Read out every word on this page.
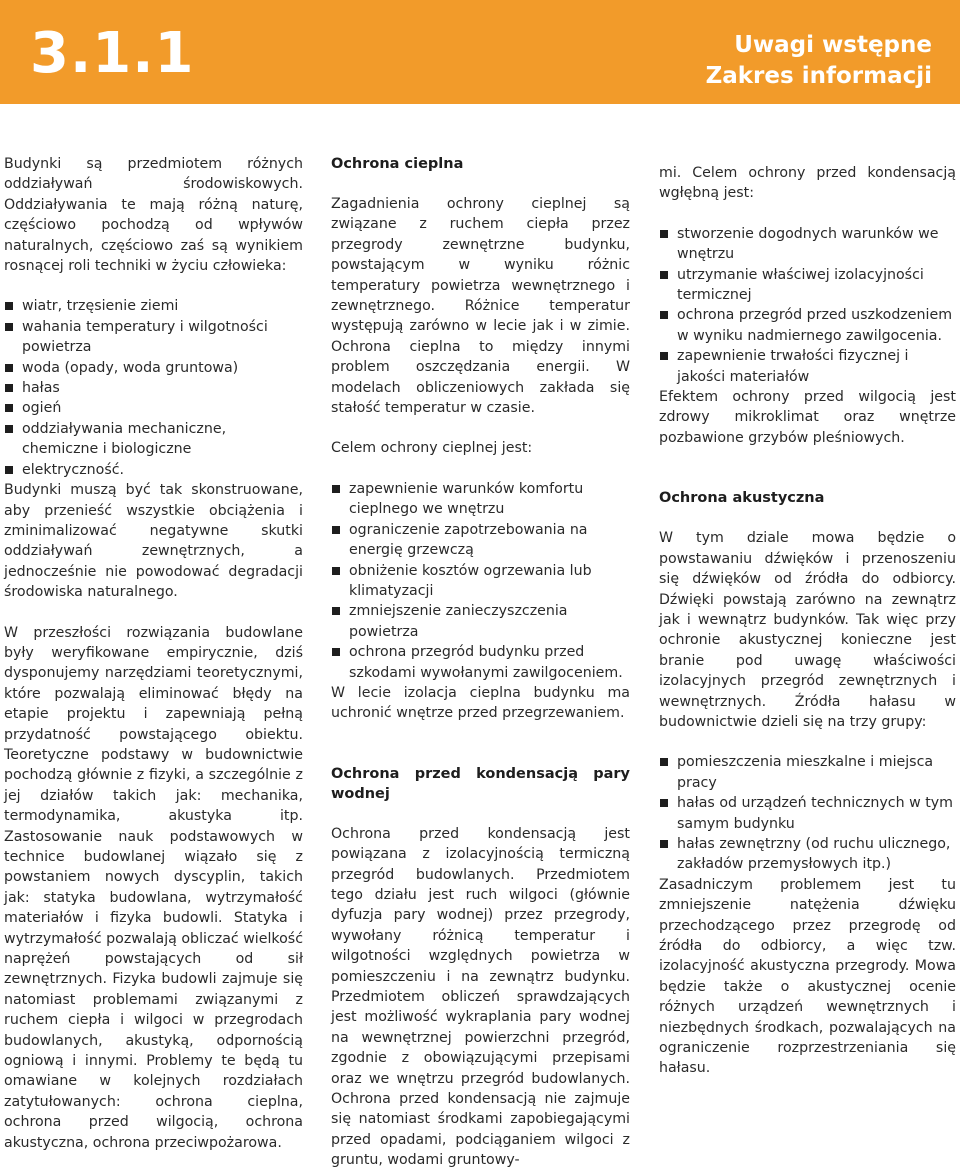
3.1.1	Uwagi wstępne
Zakres informacji

Budynki są przedmiotem różnych oddziaływań środowiskowych. Oddziaływania te mają różną naturę, częściowo pochodzą od wpływów naturalnych, częściowo zaś są wynikiem rosnącej roli techniki w życiu człowieka:

wiatr, trzęsienie ziemi
wahania temperatury i wilgotności powietrza
woda (opady, woda gruntowa)
hałas
ogień
oddziaływania mechaniczne, chemiczne i biologiczne
elektryczność.

Budynki muszą być tak skonstruowane, aby przenieść wszystkie obciążenia i zminimalizować negatywne skutki oddziaływań zewnętrznych, a jednocześnie nie powodować degradacji środowiska naturalnego.

W przeszłości rozwiązania budowlane były weryfikowane empirycznie, dziś dysponujemy narzędziami teoretycznymi, które pozwalają eliminować błędy na etapie projektu i zapewniają pełną przydatność powstającego obiektu. Teoretyczne podstawy w budownictwie pochodzą głównie z fizyki, a szczególnie z jej działów takich jak: mechanika, termodynamika, akustyka itp. Zastosowanie nauk podstawowych w technice budowlanej wiązało się z powstaniem nowych dyscyplin, takich jak: statyka budowlana, wytrzymałość materiałów i fizyka budowli. Statyka i wytrzymałość pozwalają obliczać wielkość naprężeń powstających od sił zewnętrznych. Fizyka budowli zajmuje się natomiast problemami związanymi z ruchem ciepła i wilgoci w przegrodach budowlanych, akustyką, odpornością ogniową i innymi. Problemy te będą tu omawiane w kolejnych rozdziałach zatytułowanych: ochrona cieplna, ochrona przed wilgocią, ochrona akustyczna, ochrona przeciwpożarowa.

Ochrona cieplna

Zagadnienia ochrony cieplnej są związane z ruchem ciepła przez przegrody zewnętrzne budynku, powstającym w wyniku różnic temperatury powietrza wewnętrznego i zewnętrznego. Różnice temperatur występują zarówno w lecie jak i w zimie. Ochrona cieplna to między innymi problem oszczędzania energii. W modelach obliczeniowych zakłada się stałość temperatur w czasie.

Celem ochrony cieplnej jest:

zapewnienie warunków komfortu cieplnego we wnętrzu
ograniczenie zapotrzebowania na energię grzewczą
obniżenie kosztów ogrzewania lub klimatyzacji
zmniejszenie zanieczyszczenia powietrza
ochrona przegród budynku przed szkodami wywołanymi zawilgoceniem.

W lecie izolacja cieplna budynku ma uchronić wnętrze przed przegrzewaniem.

Ochrona przed kondensacją pary wodnej

Ochrona przed kondensacją jest powiązana z izolacyjnością termiczną przegród budowlanych. Przedmiotem tego działu jest ruch wilgoci (głównie dyfuzja pary wodnej) przez przegrody, wywołany różnicą temperatur i wilgotności względnych powietrza w pomieszczeniu i na zewnątrz budynku. Przedmiotem obliczeń sprawdzających jest możliwość wykraplania pary wodnej na wewnętrznej powierzchni przegród, zgodnie z obowiązującymi przepisami oraz we wnętrzu przegród budowlanych. Ochrona przed kondensacją nie zajmuje się natomiast środkami zapobiegającymi przed opadami, podciąganiem wilgoci z gruntu, wodami gruntowy-

mi. Celem ochrony przed kondensacją wgłębną jest:

stworzenie dogodnych warunków we wnętrzu
utrzymanie właściwej izolacyjności termicznej
ochrona przegród przed uszkodzeniem w wyniku nadmiernego zawilgocenia.
zapewnienie trwałości fizycznej i jakości materiałów

Efektem ochrony przed wilgocią jest zdrowy mikroklimat oraz wnętrze pozbawione grzybów pleśniowych.

Ochrona akustyczna

W tym dziale mowa będzie o powstawaniu dźwięków i przenoszeniu się dźwięków od źródła do odbiorcy. Dźwięki powstają zarówno na zewnątrz jak i wewnątrz budynków. Tak więc przy ochronie akustycznej konieczne jest branie pod uwagę właściwości izolacyjnych przegród zewnętrznych i wewnętrznych. Źródła hałasu w budownictwie dzieli się na trzy grupy:

pomieszczenia mieszkalne i miejsca pracy
hałas od urządzeń technicznych w tym samym budynku
hałas zewnętrzny (od ruchu ulicznego, zakładów przemysłowych itp.)

Zasadniczym problemem jest tu zmniejszenie natężenia dźwięku przechodzącego przez przegrodę od źródła do odbiorcy, a więc tzw. izolacyjność akustyczna przegrody. Mowa będzie także o akustycznej ocenie różnych urządzeń wewnętrznych i niezbędnych środkach, pozwalających na ograniczenie rozprzestrzeniania się hałasu.
